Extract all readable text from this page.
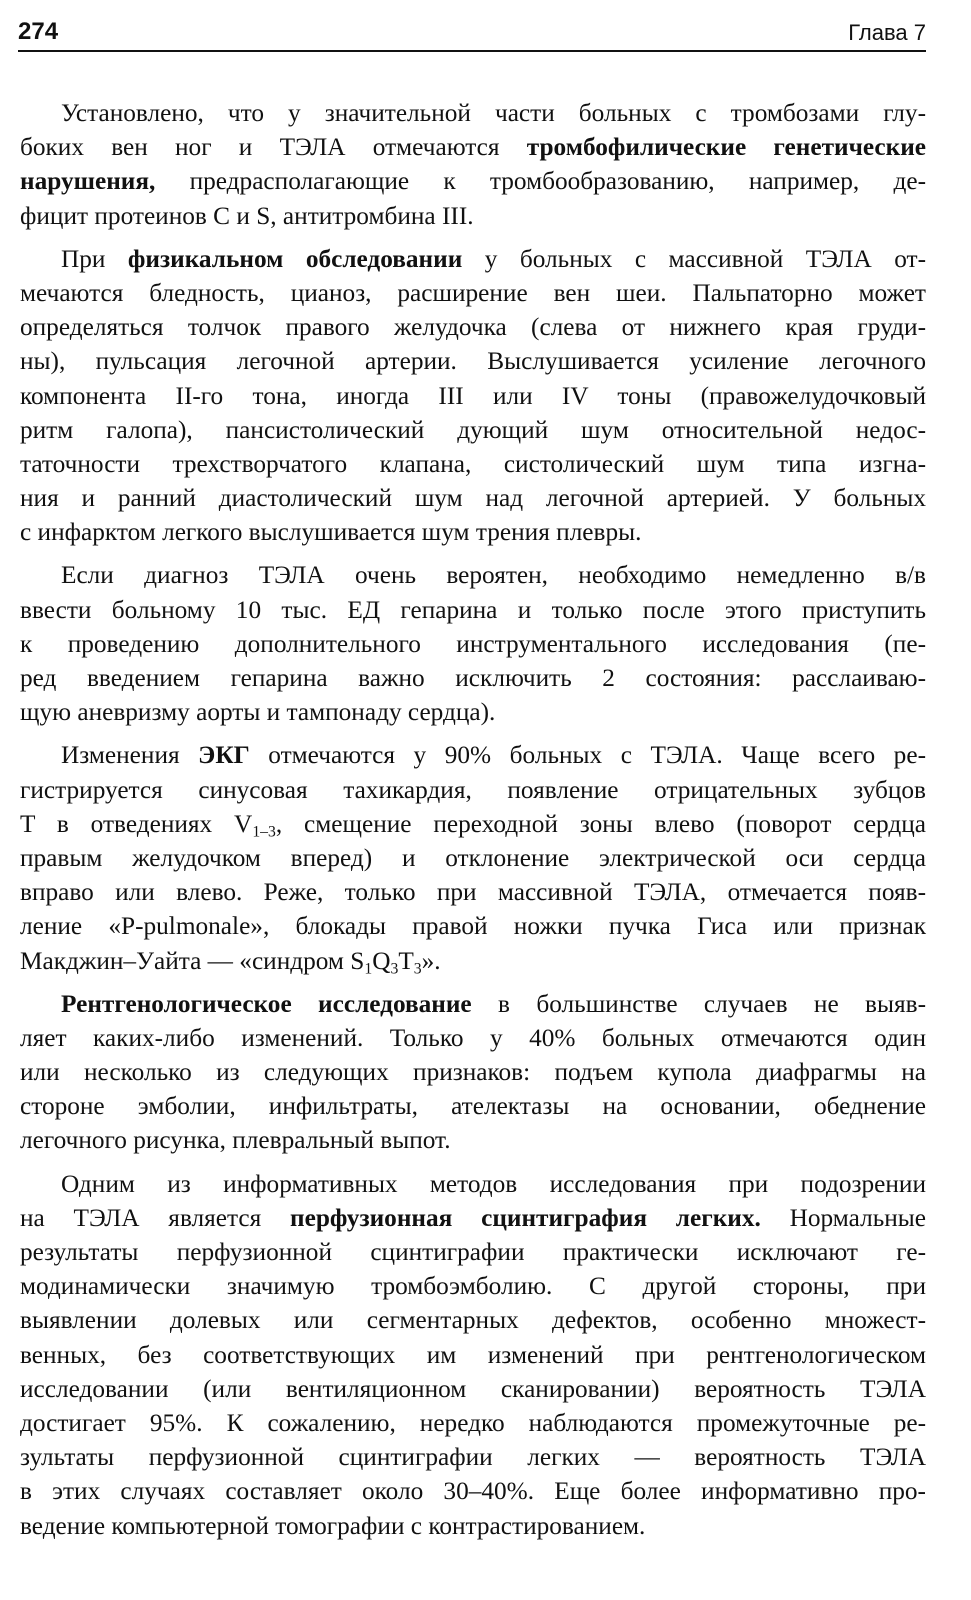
274	Глава 7
Установлено, что у значительной части больных с тромбозами глу-
боких вен ног и ТЭЛА отмечаются тромбофилические генетические
нарушения, предрасполагающие к тромбообразованию, например, де-
фицит протеинов С и S, антитромбина III.
При физикальном обследовании у больных с массивной ТЭЛА от-
мечаются бледность, цианоз, расширение вен шеи. Пальпаторно может
определяться толчок правого желудочка (слева от нижнего края груди-
ны), пульсация легочной артерии. Выслушивается усиление легочного
компонента II-го тона, иногда III или IV тоны (правожелудочковый
ритм галопа), пансистолический дующий шум относительной недос-
таточности трехстворчатого клапана, систолический шум типа изгна-
ния и ранний диастолический шум над легочной артерией. У больных
с инфарктом легкого выслушивается шум трения плевры.
Если диагноз ТЭЛА очень вероятен, необходимо немедленно в/в
ввести больному 10 тыс. ЕД гепарина и только после этого приступить
к проведению дополнительного инструментального исследования (пе-
ред введением гепарина важно исключить 2 состояния: расслаиваю-
щую аневризму аорты и тампонаду сердца).
Изменения ЭКГ отмечаются у 90% больных с ТЭЛА. Чаще всего ре-
гистрируется синусовая тахикардия, появление отрицательных зубцов
T в отведениях $V_{1-3}$, смещение переходной зоны влево (поворот сердца
правым желудочком вперед) и отклонение электрической оси сердца
вправо или влево. Реже, только при массивной ТЭЛА, отмечается появ-
ление «P-pulmonale», блокады правой ножки пучка Гиса или признак
Макджин–Уайта — «синдром $S_1Q_3T_3$».
Рентгенологическое исследование в большинстве случаев не выяв-
ляет каких-либо изменений. Только у 40% больных отмечаются один
или несколько из следующих признаков: подъем купола диафрагмы на
стороне эмболии, инфильтраты, ателектазы на основании, обеднение
легочного рисунка, плевральный выпот.
Одним из информативных методов исследования при подозрении
на ТЭЛА является перфузионная сцинтиграфия легких. Нормальные
результаты перфузионной сцинтиграфии практически исключают ге-
модинамически значимую тромбоэмболию. С другой стороны, при
выявлении долевых или сегментарных дефектов, особенно множест-
венных, без соответствующих им изменений при рентгенологическом
исследовании (или вентиляционном сканировании) вероятность ТЭЛА
достигает 95%. К сожалению, нередко наблюдаются промежуточные ре-
зультаты перфузионной сцинтиграфии легких — вероятность ТЭЛА
в этих случаях составляет около 30–40%. Еще более информативно про-
ведение компьютерной томографии с контрастированием.
